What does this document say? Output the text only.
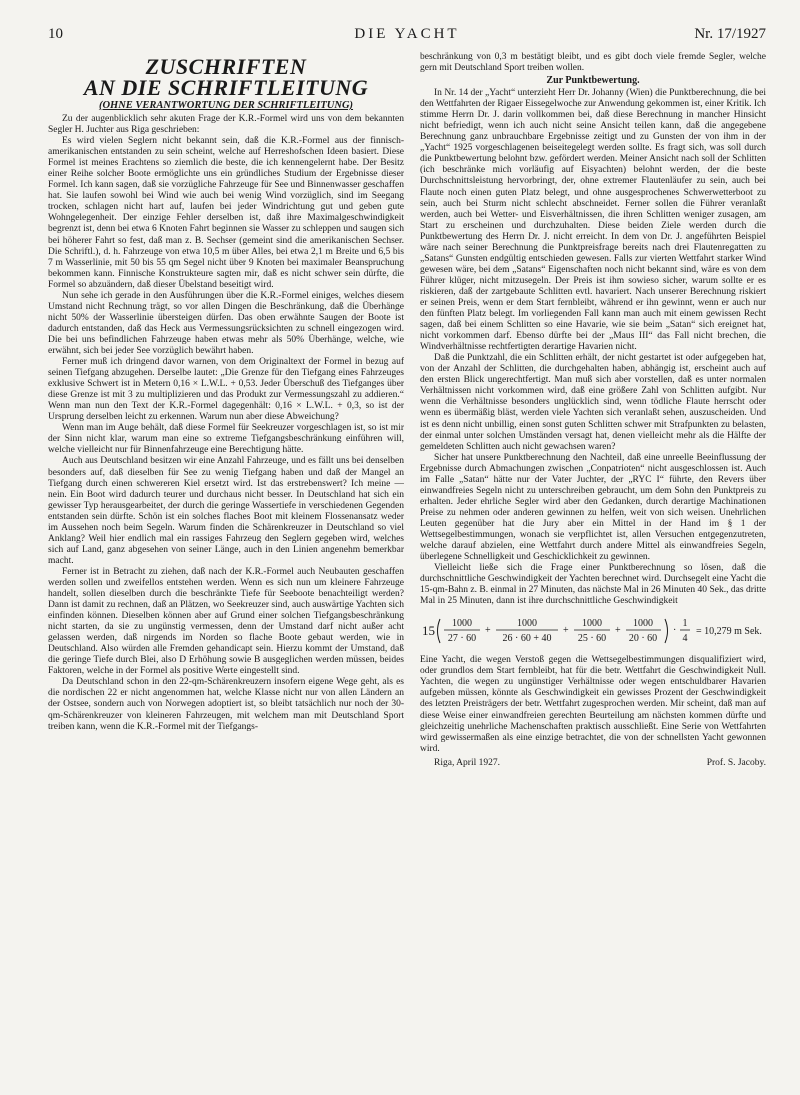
10	DIE YACHT	Nr. 17/1927
ZUSCHRIFTEN
AN DIE SCHRIFTLEITUNG
(OHNE VERANTWORTUNG DER SCHRIFTLEITUNG)

Zu der augenblicklich sehr akuten Frage der K.R.-Formel wird uns von dem bekannten Segler H. Juchter aus Riga geschrieben:

Es wird vielen Seglern nicht bekannt sein, daß die K.R.-Formel aus der finnisch-amerikanischen entstanden zu sein scheint, welche auf Herreshofschen Ideen basiert. Diese Formel ist meines Erachtens so ziemlich die beste, die ich kennengelernt habe. Der Besitz einer Reihe solcher Boote ermöglichte uns ein gründliches Studium der Ergebnisse dieser Formel. Ich kann sagen, daß sie vorzügliche Fahrzeuge für See und Binnenwasser geschaffen hat. Sie laufen sowohl bei Wind wie auch bei wenig Wind vorzüglich, sind im Seegang trocken, schlagen nicht hart auf, laufen bei jeder Windrichtung gut und geben gute Wohngelegenheit. Der einzige Fehler derselben ist, daß ihre Maximalgeschwindigkeit begrenzt ist, denn bei etwa 6 Knoten Fahrt beginnen sie Wasser zu schleppen und saugen sich bei höherer Fahrt so fest, daß man z. B. Sechser (gemeint sind die amerikanischen Sechser. Die Schriftl.), d. h. Fahrzeuge von etwa 10,5 m über Alles, bei etwa 2,1 m Breite und 6,5 bis 7 m Wasserlinie, mit 50 bis 55 qm Segel nicht über 9 Knoten bei maximaler Beanspruchung bekommen kann. Finnische Konstrukteure sagten mir, daß es nicht schwer sein dürfte, die Formel so abzuändern, daß dieser Übelstand beseitigt wird.

Nun sehe ich gerade in den Ausführungen über die K.R.-Formel einiges, welches diesem Umstand nicht Rechnung trägt, so vor allen Dingen die Beschränkung, daß die Überhänge nicht 50% der Wasserlinie übersteigen dürfen. Das oben erwähnte Saugen der Boote ist dadurch entstanden, daß das Heck aus Vermessungsrücksichten zu schnell eingezogen wird. Die bei uns befindlichen Fahrzeuge haben etwas mehr als 50% Überhänge, welche, wie erwähnt, sich bei jeder See vorzüglich bewährt haben.

Ferner muß ich dringend davor warnen, von dem Originaltext der Formel in bezug auf seinen Tiefgang abzugehen. Derselbe lautet: „Die Grenze für den Tiefgang eines Fahrzeuges exklusive Schwert ist in Metern 0,16 × L.W.L. + 0,53. Jeder Überschuß des Tiefganges über diese Grenze ist mit 3 zu multiplizieren und das Produkt zur Vermessungszahl zu addieren.“ Wenn man nun den Text der K.R.-Formel dagegenhält: 0,16 × L.W.L. + 0,3, so ist der Ursprung derselben leicht zu erkennen. Warum nun aber diese Abweichung?

Wenn man im Auge behält, daß diese Formel für Seekreuzer vorgeschlagen ist, so ist mir der Sinn nicht klar, warum man eine so extreme Tiefgangsbeschränkung einführen will, welche vielleicht nur für Binnenfahrzeuge eine Berechtigung hätte.

Auch aus Deutschland besitzen wir eine Anzahl Fahrzeuge, und es fällt uns bei denselben besonders auf, daß dieselben für See zu wenig Tiefgang haben und daß der Mangel an Tiefgang durch einen schwereren Kiel ersetzt wird. Ist das erstrebenswert? Ich meine — nein. Ein Boot wird dadurch teurer und durchaus nicht besser. In Deutschland hat sich ein gewisser Typ herausgearbeitet, der durch die geringe Wassertiefe in verschiedenen Gegenden entstanden sein dürfte. Schön ist ein solches flaches Boot mit kleinem Flossenansatz weder im Aussehen noch beim Segeln. Warum finden die Schärenkreuzer in Deutschland so viel Anklang? Weil hier endlich mal ein rassiges Fahrzeug den Seglern gegeben wird, welches sich auf Land, ganz abgesehen von seiner Länge, auch in den Linien angenehm bemerkbar macht.

Ferner ist in Betracht zu ziehen, daß nach der K.R.-Formel auch Neubauten geschaffen werden sollen und zweifellos entstehen werden. Wenn es sich nun um kleinere Fahrzeuge handelt, sollen dieselben durch die beschränkte Tiefe für Seeboote benachteiligt werden? Dann ist damit zu rechnen, daß an Plätzen, wo Seekreuzer sind, auch auswärtige Yachten sich einfinden können. Dieselben können aber auf Grund einer solchen Tiefgangsbeschränkung nicht starten, da sie zu ungünstig vermessen, denn der Umstand darf nicht außer acht gelassen werden, daß nirgends im Norden so flache Boote gebaut werden, wie in Deutschland. Also würden alle Fremden gehandicapt sein. Hierzu kommt der Umstand, daß die geringe Tiefe durch Blei, also D Erhöhung sowie B ausgeglichen werden müssen, beides Faktoren, welche in der Formel als positive Werte eingestellt sind.

Da Deutschland schon in den 22-qm-Schärenkreuzern insofern eigene Wege geht, als es die nordischen 22 er nicht angenommen hat, welche Klasse nicht nur von allen Ländern an der Ostsee, sondern auch von Norwegen adoptiert ist, so bleibt tatsächlich nur noch der 30-qm-Schärenkreuzer von kleineren Fahrzeugen, mit welchem man mit Deutschland Sport treiben kann, wenn die K.R.-Formel mit der Tiefgangs-

beschränkung von 0,3 m bestätigt bleibt, und es gibt doch viele fremde Segler, welche gern mit Deutschland Sport treiben wollen.

Zur Punktbewertung.

In Nr. 14 der „Yacht“ unterzieht Herr Dr. Johanny (Wien) die Punktberechnung, die bei den Wettfahrten der Rigaer Eissegelwoche zur Anwendung gekommen ist, einer Kritik. Ich stimme Herrn Dr. J. darin vollkommen bei, daß diese Berechnung in mancher Hinsicht nicht befriedigt, wenn ich auch nicht seine Ansicht teilen kann, daß die angegebene Berechnung ganz unbrauchbare Ergebnisse zeitigt und zu Gunsten der von ihm in der „Yacht“ 1925 vorgeschlagenen beiseitegelegt werden sollte. Es fragt sich, was soll durch die Punktbewertung belohnt bzw. gefördert werden. Meiner Ansicht nach soll der Schlitten (ich beschränke mich vorläufig auf Eisyachten) belohnt werden, der die beste Durchschnittsleistung hervorbringt, der, ohne extremer Flautenläufer zu sein, auch bei Flaute noch einen guten Platz belegt, und ohne ausgesprochenes Schwerwetterboot zu sein, auch bei Sturm nicht schlecht abschneidet. Ferner sollen die Führer veranlaßt werden, auch bei Wetter- und Eisverhältnissen, die ihren Schlitten weniger zusagen, am Start zu erscheinen und durchzuhalten. Diese beiden Ziele werden durch die Punktbewertung des Herrn Dr. J. nicht erreicht. In dem von Dr. J. angeführten Beispiel wäre nach seiner Berechnung die Punktpreisfrage bereits nach drei Flautenregatten zu „Satans“ Gunsten endgültig entschieden gewesen. Falls zur vierten Wettfahrt starker Wind gewesen wäre, bei dem „Satans“ Eigenschaften noch nicht bekannt sind, wäre es von dem Führer klüger, nicht mitzusegeln. Der Preis ist ihm sowieso sicher, warum sollte er es riskieren, daß der zartgebaute Schlitten evtl. havariert. Nach unserer Berechnung riskiert er seinen Preis, wenn er dem Start fernbleibt, während er ihn gewinnt, wenn er auch nur den fünften Platz belegt. Im vorliegenden Fall kann man auch mit einem gewissen Recht sagen, daß bei einem Schlitten so eine Havarie, wie sie beim „Satan“ sich ereignet hat, nicht vorkommen darf. Ebenso dürfte bei der „Maus III“ das Fall nicht brechen, die Windverhältnisse rechtfertigten derartige Havarien nicht.

Daß die Punktzahl, die ein Schlitten erhält, der nicht gestartet ist oder aufgegeben hat, von der Anzahl der Schlitten, die durchgehalten haben, abhängig ist, erscheint auch auf den ersten Blick ungerechtfertigt. Man muß sich aber vorstellen, daß es unter normalen Verhältnissen nicht vorkommen wird, daß eine größere Zahl von Schlitten aufgibt. Nur wenn die Verhältnisse besonders unglücklich sind, wenn tödliche Flaute herrscht oder wenn es übermäßig bläst, werden viele Yachten sich veranlaßt sehen, auszuscheiden. Und ist es denn nicht unbillig, einen sonst guten Schlitten schwer mit Strafpunkten zu belasten, der einmal unter solchen Umständen versagt hat, denen vielleicht mehr als die Hälfte der gemeldeten Schlitten auch nicht gewachsen waren?

Sicher hat unsere Punktberechnung den Nachteil, daß eine unreelle Beeinflussung der Ergebnisse durch Abmachungen zwischen „Conpatrioten“ nicht ausgeschlossen ist. Auch im Falle „Satan“ hätte nur der Vater Juchter, der „RYC I“ führte, den Revers über einwandfreies Segeln nicht zu unterschreiben gebraucht, um dem Sohn den Punktpreis zu erhalten. Jeder ehrliche Segler wird aber den Gedanken, durch derartige Machinationen Preise zu nehmen oder anderen gewinnen zu helfen, weit von sich weisen. Unehrlichen Leuten gegenüber hat die Jury aber ein Mittel in der Hand im § 1 der Wettsegelbestimmungen, wonach sie verpflichtet ist, allen Versuchen entgegenzutreten, welche darauf abzielen, eine Wettfahrt durch andere Mittel als einwandfreies Segeln, überlegene Schnelligkeit und Geschicklichkeit zu gewinnen.

Vielleicht ließe sich die Frage einer Punktberechnung so lösen, daß die durchschnittliche Geschwindigkeit der Yachten berechnet wird. Durchsegelt eine Yacht die 15-qm-Bahn z. B. einmal in 27 Minuten, das nächste Mal in 26 Minuten 40 Sek., das dritte Mal in 25 Minuten, dann ist ihre durchschnittliche Geschwindigkeit

15 1000
27 · 60
+
1000
26 · 60 + 40
+
1000
25 · 60
+
1000
20 · 60
·
1
4
= 10,279 m Sek.

Eine Yacht, die wegen Verstoß gegen die Wettsegelbestimmungen disqualifiziert wird, oder grundlos dem Start fernbleibt, hat für die betr. Wettfahrt die Geschwindigkeit Null. Yachten, die wegen zu ungünstiger Verhältnisse oder wegen entschuldbarer Havarien aufgeben müssen, könnte als Geschwindigkeit ein gewisses Prozent der Geschwindigkeit des letzten Preisträgers der betr. Wettfahrt zugesprochen werden. Mir scheint, daß man auf diese Weise einer einwandfreien gerechten Beurteilung am nächsten kommen dürfte und gleichzeitig unehrliche Machenschaften praktisch ausschließt. Eine Serie von Wettfahrten wird gewissermaßen als eine einzige betrachtet, die von der schnellsten Yacht gewonnen wird.

Riga, April 1927.	Prof. S. Jacoby.
